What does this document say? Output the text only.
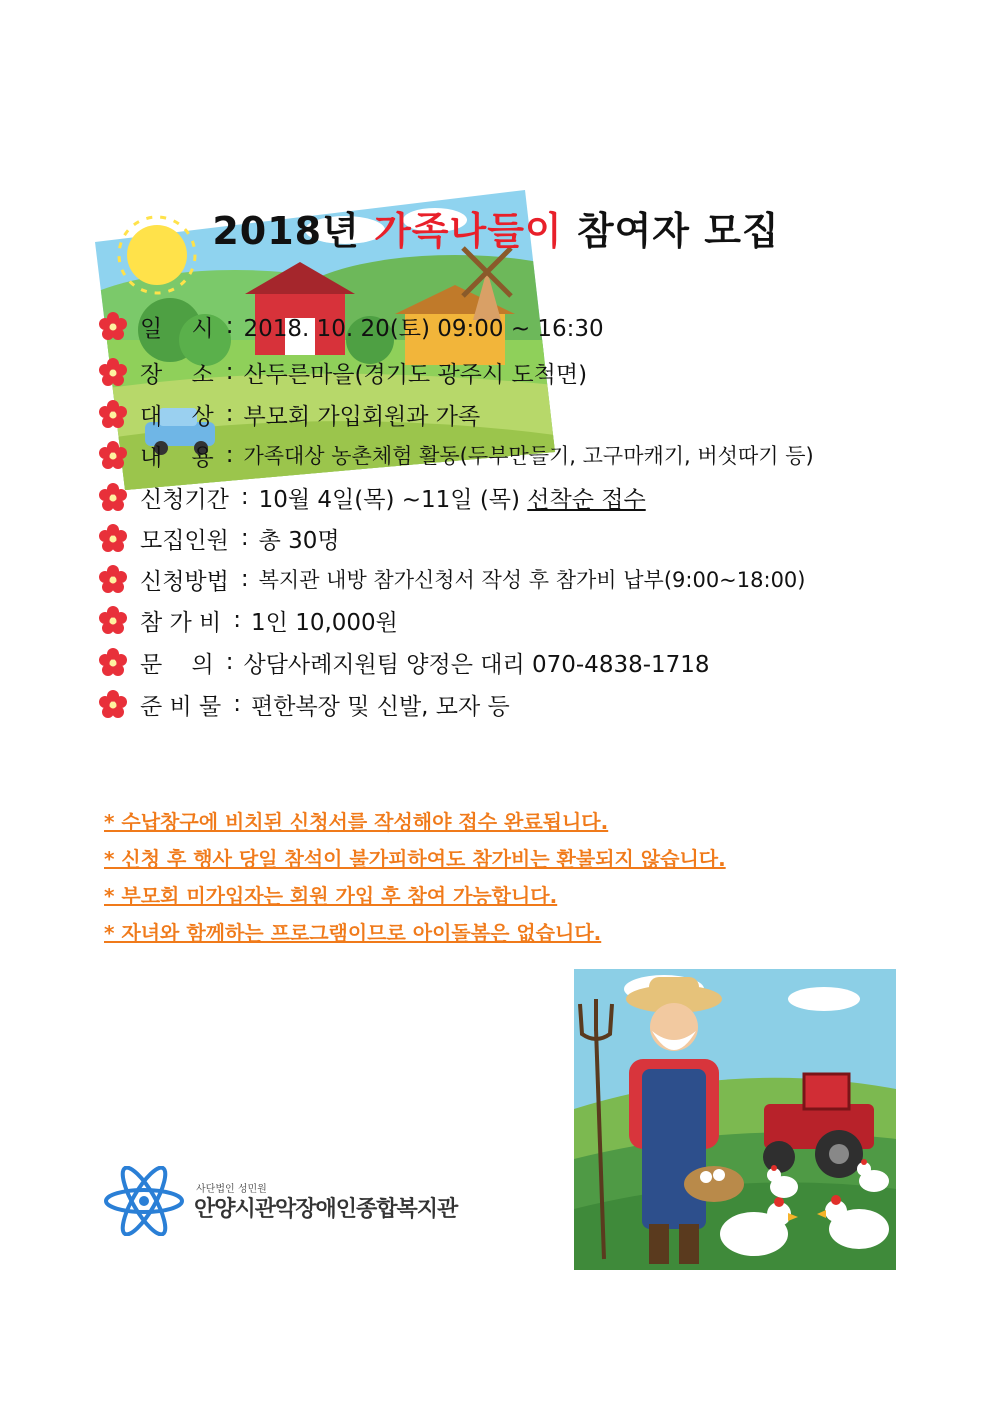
2018년 가족나들이 참여자 모집
일    시 : 2018. 10. 20(토) 09:00 ~ 16:30
장    소 : 산두른마을(경기도 광주시 도척면)
대    상 : 부모회 가입회원과 가족
내    용 : 가족대상 농촌체험 활동(두부만들기, 고구마캐기, 버섯따기 등)
신청기간 : 10월 4일(목) ~11일 (목)
선착순 접수
모집인원 : 총 30명
신청방법 : 복지관 내방 참가신청서 작성 후 참가비 납부(9:00~18:00)
참 가 비 : 1인 10,000원
문    의 : 상담사례지원팀 양정은 대리 070-4838-1718
준 비 물 : 편한복장 및 신발, 모자 등
* 수납창구에 비치된 신청서를 작성해야 접수 완료됩니다.
* 신청 후 행사 당일 참석이 불가피하여도 참가비는 환불되지 않습니다.
* 부모회 미가입자는 회원 가입 후 참여 가능합니다.
* 자녀와 함께하는 프로그램이므로 아이돌봄은 없습니다.
사단법인 성민원
안양시관악장애인종합복지관
